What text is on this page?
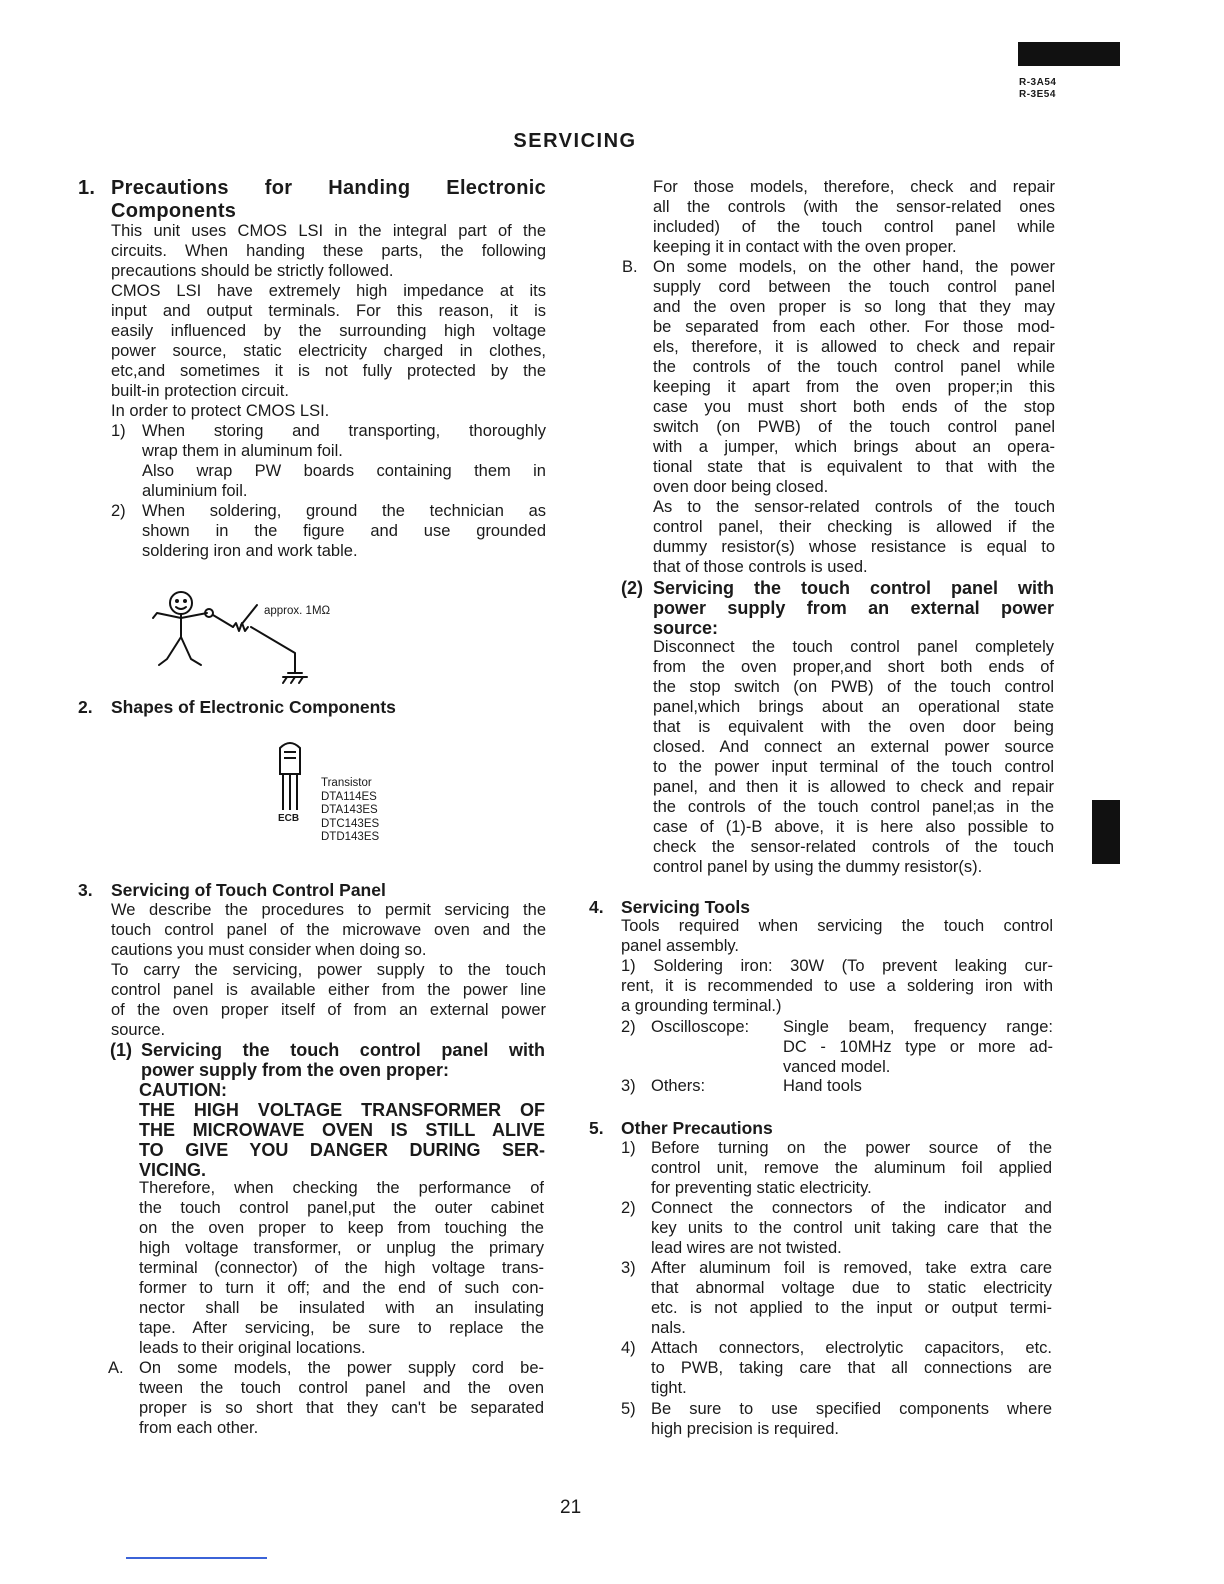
R-3A54
R-3E54
SERVICING
1. Precautions for Handing Electronic
Components
This unit uses CMOS LSI in the integral part of the
circuits. When handing these parts, the following
precautions should be strictly followed.
CMOS LSI have extremely high impedance at its
input and output terminals. For this reason, it is
easily influenced by the surrounding high voltage
power source, static electricity charged in clothes,
etc,and sometimes it is not fully protected by the
built-in protection circuit.
In order to protect CMOS LSI.
1) When storing and transporting, thoroughly
wrap them in aluminum foil.
Also wrap PW boards containing them in
aluminium foil.
2) When soldering, ground the technician as
shown in the figure and use grounded
soldering iron and work table.
approx. 1MΩ
2. Shapes of Electronic Components
ECB
Transistor
DTA114ES
DTA143ES
DTC143ES
DTD143ES
3. Servicing of Touch Control Panel
We describe the procedures to permit servicing the
touch control panel of the microwave oven and the
cautions you must consider when doing so.
To carry the servicing, power supply to the touch
control panel is available either from the power line
of the oven proper itself of from an external power
source.
(1) Servicing the touch control panel with
power supply from the oven proper:
CAUTION:
THE HIGH VOLTAGE TRANSFORMER OF
THE MICROWAVE OVEN IS STILL ALIVE
TO GIVE YOU DANGER DURING SER-
VICING.
Therefore, when checking the performance of
the touch control panel,put the outer cabinet
on the oven proper to keep from touching the
high voltage transformer, or unplug the primary
terminal (connector) of the high voltage trans-
former to turn it off; and the end of such con-
nector shall be insulated with an insulating
tape. After servicing, be sure to replace the
leads to their original locations.
A. On some models, the power supply cord be-
tween the touch control panel and the oven
proper is so short that they can't be separated
from each other.
For those models, therefore, check and repair
all the controls (with the sensor-related ones
included) of the touch control panel while
keeping it in contact with the oven proper.
B. On some models, on the other hand, the power
supply cord between the touch control panel
and the oven proper is so long that they may
be separated from each other. For those mod-
els, therefore, it is allowed to check and repair
the controls of the touch control panel while
keeping it apart from the oven proper;in this
case you must short both ends of the stop
switch (on PWB) of the touch control panel
with a jumper, which brings about an opera-
tional state that is equivalent to that with the
oven door being closed.
As to the sensor-related controls of the touch
control panel, their checking is allowed if the
dummy resistor(s) whose resistance is equal to
that of those controls is used.
(2) Servicing the touch control panel with
power supply from an external power
source:
Disconnect the touch control panel completely
from the oven proper,and short both ends of
the stop switch (on PWB) of the touch control
panel,which brings about an operational state
that is equivalent with the oven door being
closed. And connect an external power source
to the power input terminal of the touch control
panel, and then it is allowed to check and repair
the controls of the touch control panel;as in the
case of (1)-B above, it is here also possible to
check the sensor-related controls of the touch
control panel by using the dummy resistor(s).
4. Servicing Tools
Tools required when servicing the touch control
panel assembly.
1) Soldering iron: 30W (To prevent leaking cur-
rent, it is recommended to use a soldering iron with
a grounding terminal.)
2) Oscilloscope: Single beam, frequency range:
DC - 10MHz type or more ad-
vanced model.
3) Others:	Hand tools
5. Other Precautions
1) Before turning on the power source of the
control unit, remove the aluminum foil applied
for preventing static electricity.
2) Connect the connectors of the indicator and
key units to the control unit taking care that the
lead wires are not twisted.
3) After aluminum foil is removed, take extra care
that abnormal voltage due to static electricity
etc. is not applied to the input or output termi-
nals.
4) Attach connectors, electrolytic capacitors, etc.
to PWB, taking care that all connections are
tight.
5) Be sure to use specified components where
high precision is required.
21
